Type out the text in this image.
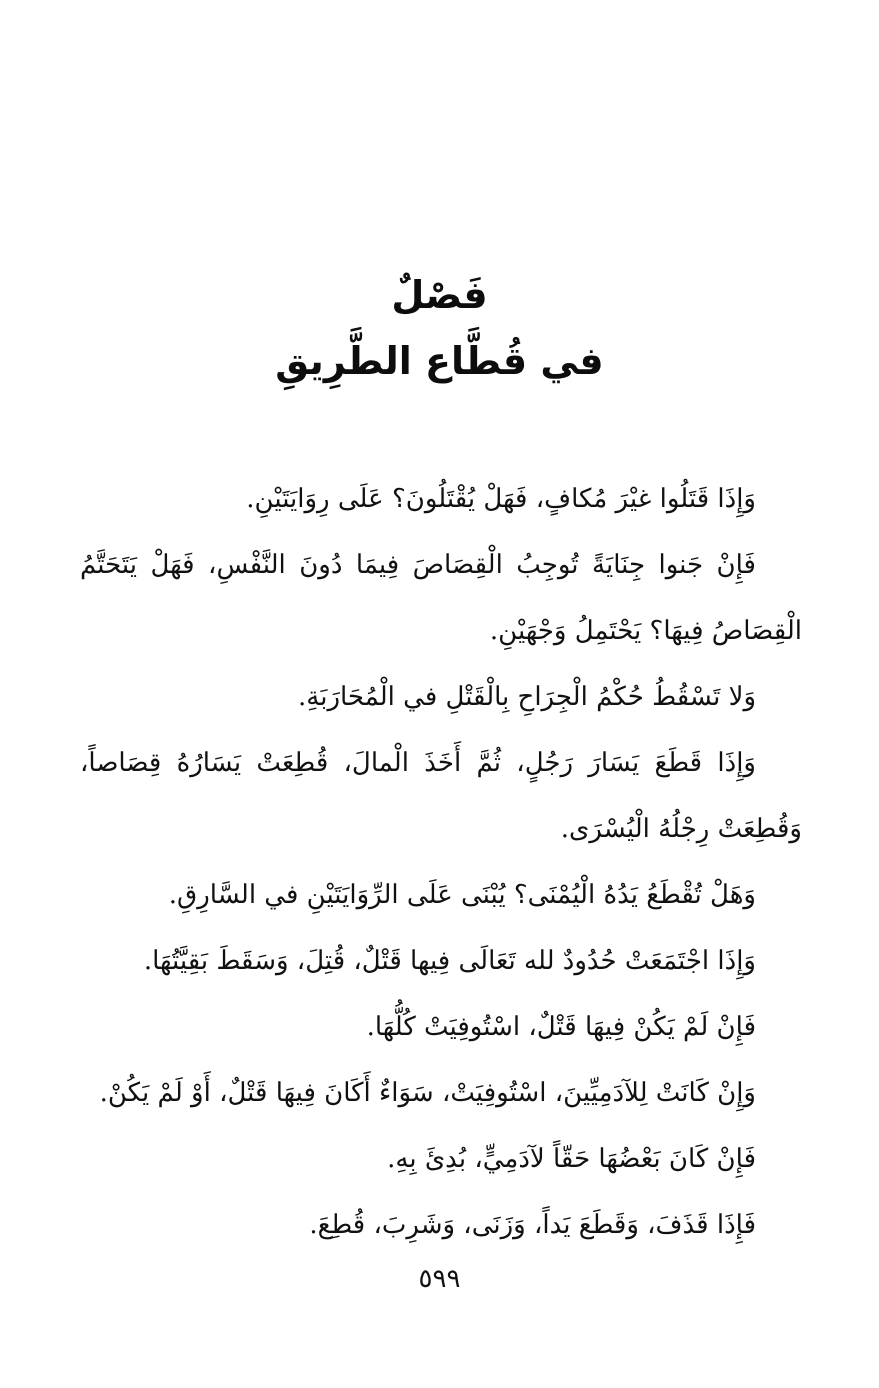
فَصْلٌ
في قُطَّاع الطَّرِيقِ

وَإِذَا قَتَلُوا غيْرَ مُكافٍ، فَهَلْ يُقْتَلُونَ؟ عَلَى رِوَايَتَيْنِ.

فَإِنْ جَنوا جِنَايَةً تُوجِبُ الْقِصَاصَ فِيمَا دُونَ النَّفْسِ، فَهَلْ يَتَحَتَّمُ الْقِصَاصُ فِيهَا؟ يَحْتَمِلُ وَجْهَيْنِ.

وَلا تَسْقُطُ حُكْمُ الْجِرَاحِ بِالْقَتْلِ في الْمُحَارَبَةِ.

وَإِذَا قَطَعَ يَسَارَ رَجُلٍ، ثُمَّ أَخَذَ الْمالَ، قُطِعَتْ يَسَارُهُ قِصَاصاً، وَقُطِعَتْ رِجْلُهُ الْيُسْرَى.

وَهَلْ تُقْطَعُ يَدُهُ الْيُمْنَى؟ يُبْنَى عَلَى الرِّوَايَتَيْنِ في السَّارِقِ.

وَإِذَا اجْتَمَعَتْ حُدُودٌ لله تَعَالَى فِيها قَتْلٌ، قُتِلَ، وَسَقَطَ بَقِيَّتُهَا.

فَإِنْ لَمْ يَكُنْ فِيهَا قَتْلٌ، اسْتُوفِيَتْ كُلُّهَا.

وَإِنْ كَانَتْ لِلآدَمِيِّينَ، اسْتُوفِيَتْ، سَوَاءٌ أَكَانَ فِيهَا قَتْلٌ، أَوْ لَمْ يَكُنْ.

فَإِنْ كَانَ بَعْضُهَا حَقّاً لآدَمِيٍّ، بُدِئَ بِهِ.

فَإِذَا قَذَفَ، وَقَطَعَ يَداً، وَزَنَى، وَشَرِبَ، قُطِعَ.

٥٩٩
